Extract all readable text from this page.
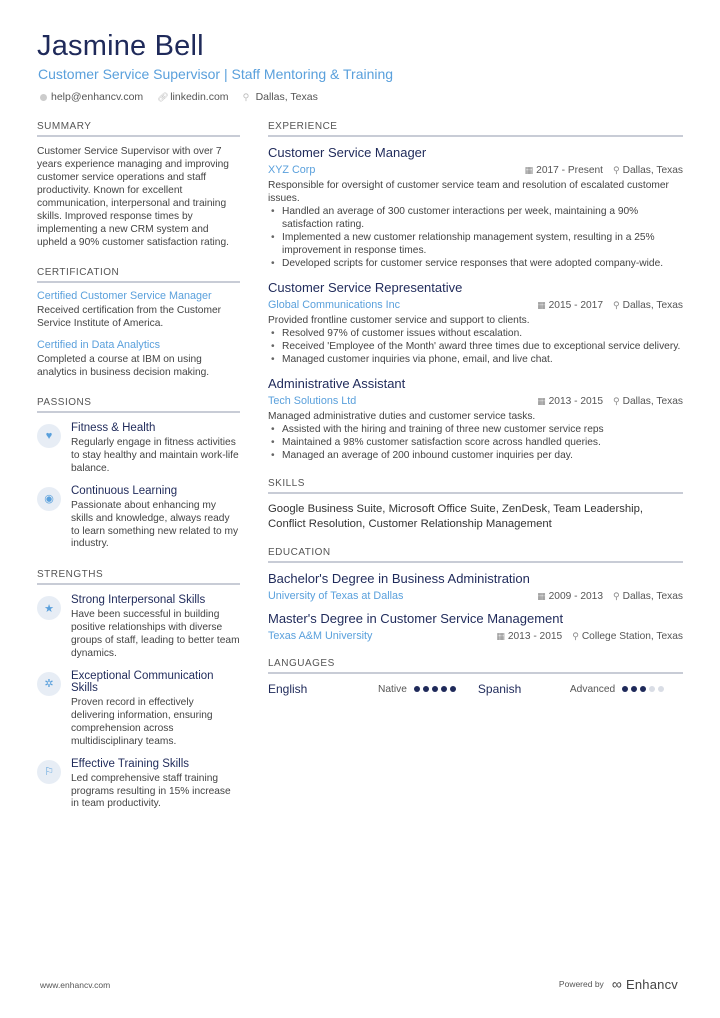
Jasmine Bell
Customer Service Supervisor | Staff Mentoring & Training
help@enhancv.com 🔗︎ linkedin.com ⚲ Dallas, Texas
SUMMARY
Customer Service Supervisor with over 7 years experience managing and improving customer service operations and staff productivity. Known for excellent communication, interpersonal and training skills. Improved response times by implementing a new CRM system and upheld a 90% customer satisfaction rating.
CERTIFICATION
Certified Customer Service Manager
Received certification from the Customer Service Institute of America.
Certified in Data Analytics
Completed a course at IBM on using analytics in business decision making.
PASSIONS
♥
Fitness & Health
Regularly engage in fitness activities to stay healthy and maintain work-life balance.
◉
Continuous Learning
Passionate about enhancing my skills and knowledge, always ready to learn something new related to my industry.
STRENGTHS
★
Strong Interpersonal Skills
Have been successful in building positive relationships with diverse groups of staff, leading to better team dynamics.
✲
Exceptional Communication Skills
Proven record in effectively delivering information, ensuring comprehension across multidisciplinary teams.
⚐
Effective Training Skills
Led comprehensive staff training programs resulting in 15% increase in team productivity.
EXPERIENCE
Customer Service Manager
XYZ Corp	▦ 2017 - Present ⚲ Dallas, Texas
Responsible for oversight of customer service team and resolution of escalated customer issues.
• Handled an average of 300 customer interactions per week, maintaining a 90% satisfaction rating.
• Implemented a new customer relationship management system, resulting in a 25% improvement in response times.
• Developed scripts for customer service responses that were adopted company-wide.
Customer Service Representative
Global Communications Inc	▦ 2015 - 2017 ⚲ Dallas, Texas
Provided frontline customer service and support to clients.
• Resolved 97% of customer issues without escalation.
• Received 'Employee of the Month' award three times due to exceptional service delivery.
• Managed customer inquiries via phone, email, and live chat.
Administrative Assistant
Tech Solutions Ltd	▦ 2013 - 2015 ⚲ Dallas, Texas
Managed administrative duties and customer service tasks.
• Assisted with the hiring and training of three new customer service reps
• Maintained a 98% customer satisfaction score across handled queries.
• Managed an average of 200 inbound customer inquiries per day.
SKILLS
Google Business Suite, Microsoft Office Suite, ZenDesk, Team Leadership, Conflict Resolution, Customer Relationship Management
EDUCATION
Bachelor's Degree in Business Administration
University of Texas at Dallas	▦ 2009 - 2013 ⚲ Dallas, Texas
Master's Degree in Customer Service Management
Texas A&M University	▦ 2013 - 2015 ⚲ College Station, Texas
LANGUAGES
English	Native	Spanish	Advanced
www.enhancv.com	Powered by ∞ Enhancv
